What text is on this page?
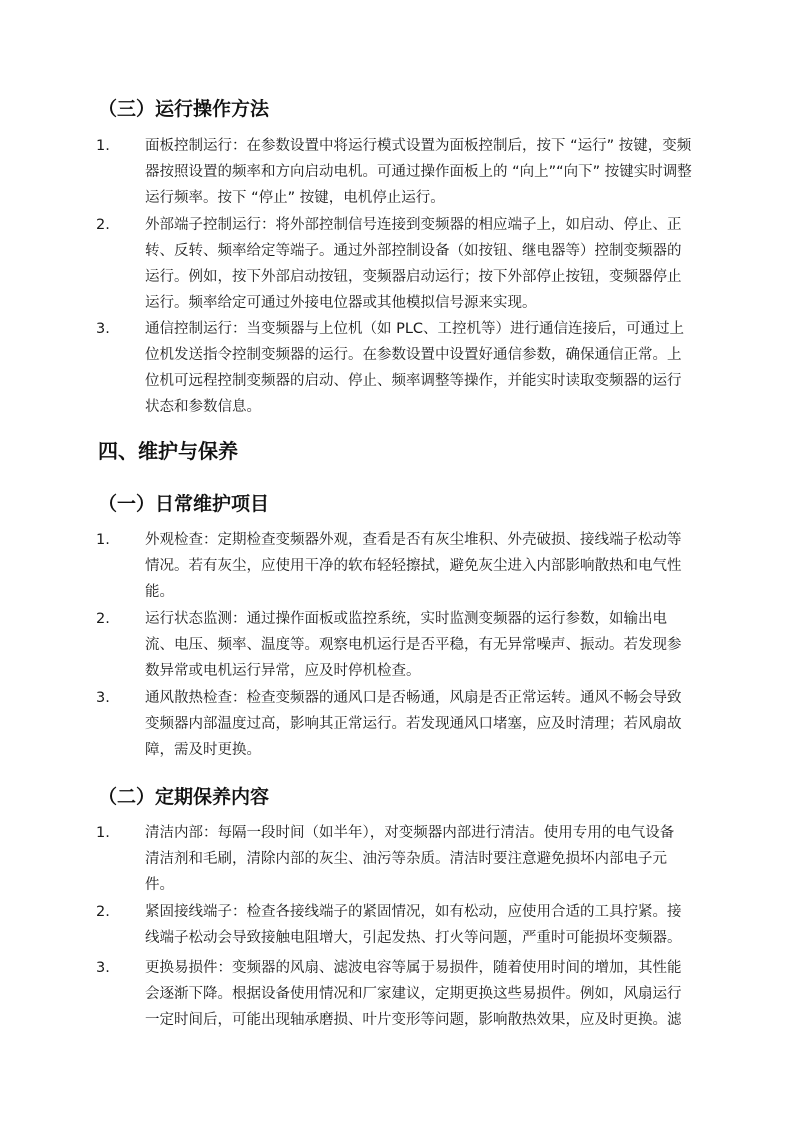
（三）运行操作方法
1.	面板控制运行：在参数设置中将运行模式设置为面板控制后，按下 “运行” 按键，变频
器按照设置的频率和方向启动电机。可通过操作面板上的 “向上”“向下” 按键实时调整
运行频率。按下 “停止” 按键，电机停止运行。
2.	外部端子控制运行：将外部控制信号连接到变频器的相应端子上，如启动、停止、正
转、反转、频率给定等端子。通过外部控制设备（如按钮、继电器等）控制变频器的
运行。例如，按下外部启动按钮，变频器启动运行；按下外部停止按钮，变频器停止
运行。频率给定可通过外接电位器或其他模拟信号源来实现。
3.	通信控制运行：当变频器与上位机（如 PLC、工控机等）进行通信连接后，可通过上
位机发送指令控制变频器的运行。在参数设置中设置好通信参数，确保通信正常。上
位机可远程控制变频器的启动、停止、频率调整等操作，并能实时读取变频器的运行
状态和参数信息。
四、维护与保养
（一）日常维护项目
1.	外观检查：定期检查变频器外观，查看是否有灰尘堆积、外壳破损、接线端子松动等
情况。若有灰尘，应使用干净的软布轻轻擦拭，避免灰尘进入内部影响散热和电气性
能。
2.	运行状态监测：通过操作面板或监控系统，实时监测变频器的运行参数，如输出电
流、电压、频率、温度等。观察电机运行是否平稳，有无异常噪声、振动。若发现参
数异常或电机运行异常，应及时停机检查。
3.	通风散热检查：检查变频器的通风口是否畅通，风扇是否正常运转。通风不畅会导致
变频器内部温度过高，影响其正常运行。若发现通风口堵塞，应及时清理；若风扇故
障，需及时更换。
（二）定期保养内容
1.	清洁内部：每隔一段时间（如半年），对变频器内部进行清洁。使用专用的电气设备
清洁剂和毛刷，清除内部的灰尘、油污等杂质。清洁时要注意避免损坏内部电子元
件。
2.	紧固接线端子：检查各接线端子的紧固情况，如有松动，应使用合适的工具拧紧。接
线端子松动会导致接触电阻增大，引起发热、打火等问题，严重时可能损坏变频器。
3.	更换易损件：变频器的风扇、滤波电容等属于易损件，随着使用时间的增加，其性能
会逐渐下降。根据设备使用情况和厂家建议，定期更换这些易损件。例如，风扇运行
一定时间后，可能出现轴承磨损、叶片变形等问题，影响散热效果，应及时更换。滤
